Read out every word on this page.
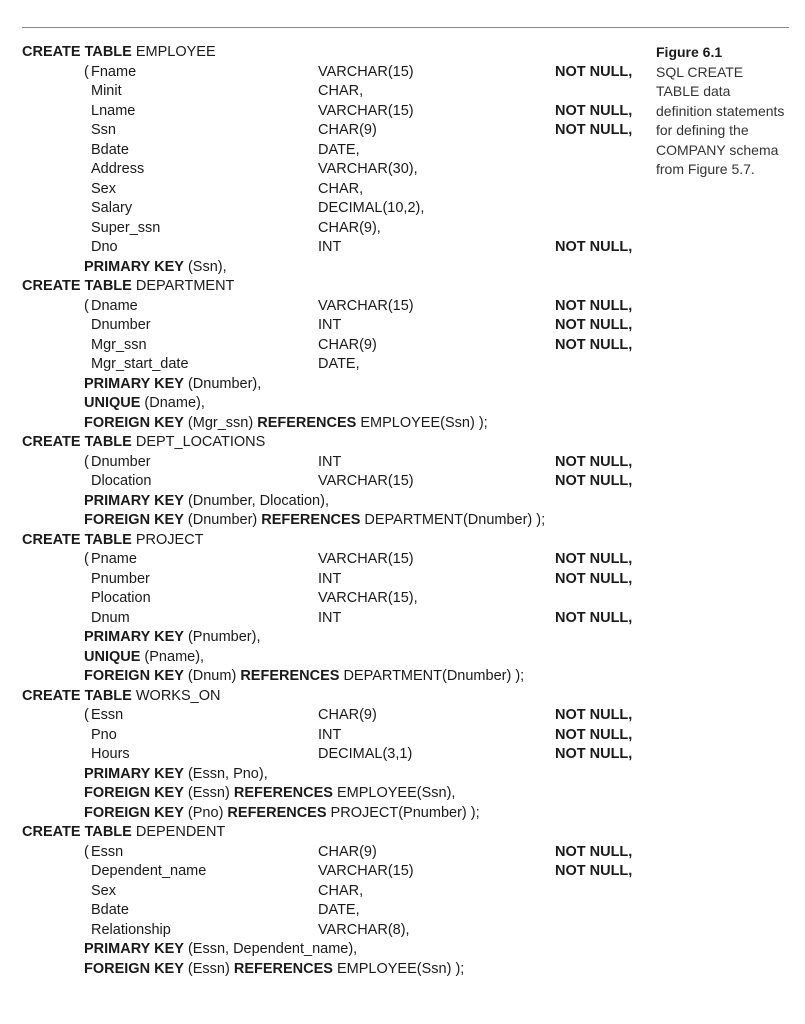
CREATE TABLE EMPLOYEE
( Fname	VARCHAR(15)	NOT NULL,
Minit	CHAR,
Lname	VARCHAR(15)	NOT NULL,
Ssn	CHAR(9)	NOT NULL,
Bdate	DATE,
Address	VARCHAR(30),
Sex	CHAR,
Salary	DECIMAL(10,2),
Super_ssn	CHAR(9),
Dno	INT	NOT NULL,
PRIMARY KEY (Ssn),
CREATE TABLE DEPARTMENT
( Dname	VARCHAR(15)	NOT NULL,
Dnumber	INT	NOT NULL,
Mgr_ssn	CHAR(9)	NOT NULL,
Mgr_start_date	DATE,
PRIMARY KEY (Dnumber),
UNIQUE (Dname),
FOREIGN KEY (Mgr_ssn) REFERENCES EMPLOYEE(Ssn) );
CREATE TABLE DEPT_LOCATIONS
( Dnumber	INT	NOT NULL,
Dlocation	VARCHAR(15)	NOT NULL,
PRIMARY KEY (Dnumber, Dlocation),
FOREIGN KEY (Dnumber) REFERENCES DEPARTMENT(Dnumber) );
CREATE TABLE PROJECT
( Pname	VARCHAR(15)	NOT NULL,
Pnumber	INT	NOT NULL,
Plocation	VARCHAR(15),
Dnum	INT	NOT NULL,
PRIMARY KEY (Pnumber),
UNIQUE (Pname),
FOREIGN KEY (Dnum) REFERENCES DEPARTMENT(Dnumber) );
CREATE TABLE WORKS_ON
( Essn	CHAR(9)	NOT NULL,
Pno	INT	NOT NULL,
Hours	DECIMAL(3,1)	NOT NULL,
PRIMARY KEY (Essn, Pno),
FOREIGN KEY (Essn) REFERENCES EMPLOYEE(Ssn),
FOREIGN KEY (Pno) REFERENCES PROJECT(Pnumber) );
CREATE TABLE DEPENDENT
( Essn	CHAR(9)	NOT NULL,
Dependent_name	VARCHAR(15)	NOT NULL,
Sex	CHAR,
Bdate	DATE,
Relationship	VARCHAR(8),
PRIMARY KEY (Essn, Dependent_name),
FOREIGN KEY (Essn) REFERENCES EMPLOYEE(Ssn) );
Figure 6.1
SQL CREATE
TABLE data
definition statements
for defining the
COMPANY schema
from Figure 5.7.
